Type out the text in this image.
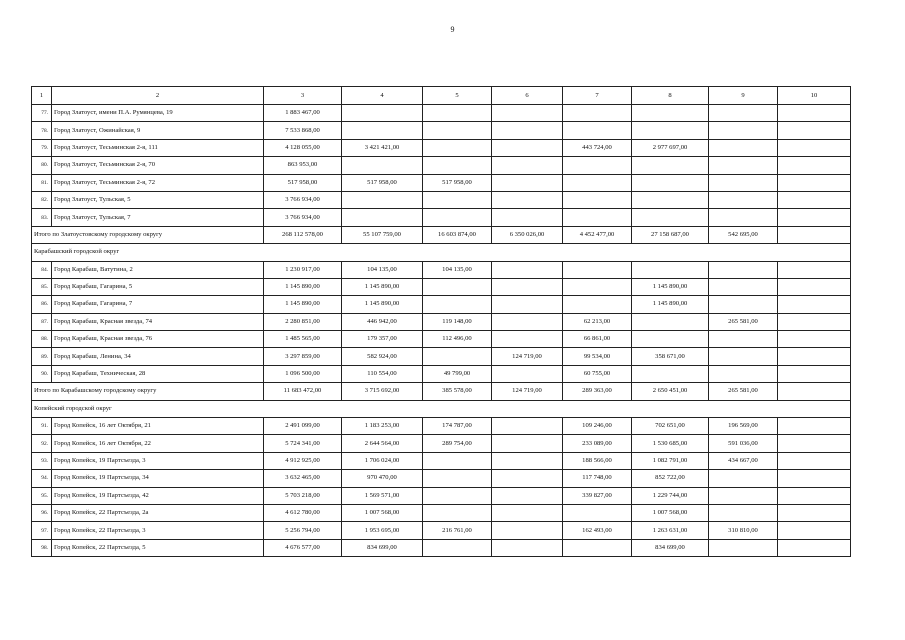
9
1	2	3	4	5	6	7	8	9	10
77.	Город Златоуст, имени П.А. Румянцева, 19	1 883 467,00							
78.	Город Златоуст, Ожинайская, 9	7 533 868,00							
79.	Город Златоуст, Тесьминская 2-я, 111	4 128 055,00	3 421 421,00			443 724,00	2 977 697,00		
80.	Город Златоуст, Тесьминская 2-я, 70	863 953,00							
81.	Город Златоуст, Тесьминская 2-я, 72	517 958,00	517 958,00	517 958,00					
82.	Город Златоуст, Тульская, 5	3 766 934,00							
83.	Город Златоуст, Тульская, 7	3 766 934,00							
Итого по Златоустовскому городскому округу		268 112 578,00	55 107 759,00	16 603 874,00	6 350 026,00	4 452 477,00	27 158 687,00	542 695,00	
Карабашский городской округ									
84.	Город Карабаш, Ватутина, 2	1 230 917,00	104 135,00	104 135,00					
85.	Город Карабаш, Гагарина, 5	1 145 890,00	1 145 890,00				1 145 890,00		
86.	Город Карабаш, Гагарина, 7	1 145 890,00	1 145 890,00				1 145 890,00		
87.	Город Карабаш, Красная звезда, 74	2 280 851,00	446 942,00	119 148,00		62 213,00		265 581,00	
88.	Город Карабаш, Красная звезда, 76	1 485 565,00	179 357,00	112 496,00		66 861,00			
89.	Город Карабаш, Ленина, 34	3 297 859,00	582 924,00		124 719,00	99 534,00	358 671,00		
90.	Город Карабаш, Техническая, 28	1 096 500,00	110 554,00	49 799,00		60 755,00			
Итого по Карабашскому городскому округу		11 683 472,00	3 715 692,00	385 578,00	124 719,00	289 363,00	2 650 451,00	265 581,00	
Копейский городской округ									
91.	Город Копейск, 16 лет Октября, 21	2 491 099,00	1 183 253,00	174 787,00		109 246,00	702 651,00	196 569,00	
92.	Город Копейск, 16 лет Октября, 22	5 724 341,00	2 644 564,00	289 754,00		233 089,00	1 530 685,00	591 036,00	
93.	Город Копейск, 19 Партсъезда, 3	4 912 925,00	1 706 024,00			188 566,00	1 082 791,00	434 667,00	
94.	Город Копейск, 19 Партсъезда, 34	3 632 465,00	970 470,00			117 748,00	852 722,00		
95.	Город Копейск, 19 Партсъезда, 42	5 703 218,00	1 569 571,00			339 827,00	1 229 744,00		
96.	Город Копейск, 22 Партсъезда, 2а	4 612 780,00	1 007 568,00				1 007 568,00		
97.	Город Копейск, 22 Партсъезда, 3	5 256 794,00	1 953 695,00	216 761,00		162 493,00	1 263 631,00	310 810,00	
98.	Город Копейск, 22 Партсъезда, 5	4 676 577,00	834 699,00				834 699,00		
